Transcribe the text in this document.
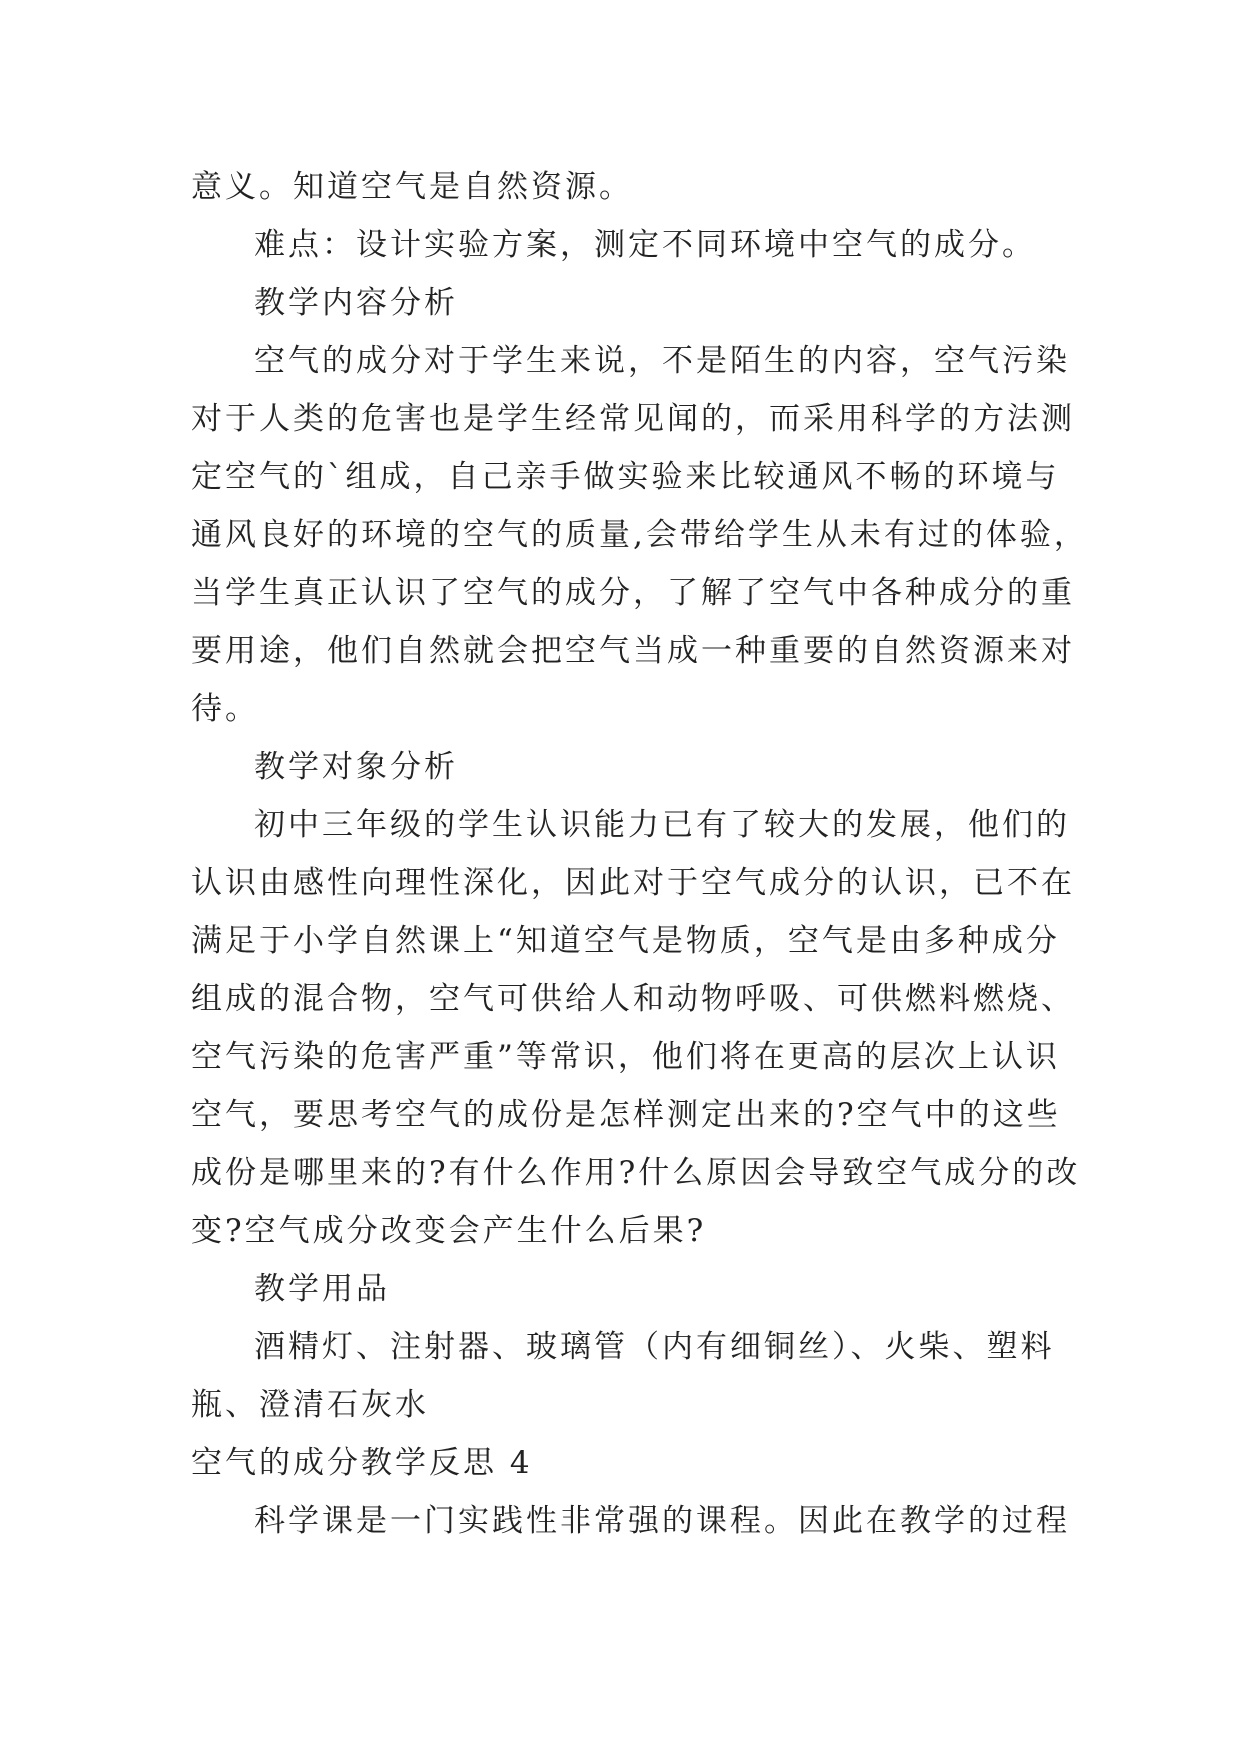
意义。知道空气是自然资源。
难点：设计实验方案，测定不同环境中空气的成分。
教学内容分析
空气的成分对于学生来说，不是陌生的内容，空气污染
对于人类的危害也是学生经常见闻的，而采用科学的方法测
定空气的`组成，自己亲手做实验来比较通风不畅的环境与
通风良好的环境的空气的质量,会带给学生从未有过的体验，
当学生真正认识了空气的成分，了解了空气中各种成分的重
要用途，他们自然就会把空气当成一种重要的自然资源来对
待。
教学对象分析
初中三年级的学生认识能力已有了较大的发展，他们的
认识由感性向理性深化，因此对于空气成分的认识，已不在
满足于小学自然课上“知道空气是物质，空气是由多种成分
组成的混合物，空气可供给人和动物呼吸、可供燃料燃烧、
空气污染的危害严重”等常识，他们将在更高的层次上认识
空气，要思考空气的成份是怎样测定出来的?空气中的这些
成份是哪里来的?有什么作用?什么原因会导致空气成分的改
变?空气成分改变会产生什么后果?
教学用品
酒精灯、注射器、玻璃管（内有细铜丝）、火柴、塑料
瓶、澄清石灰水
空气的成分教学反思 4
科学课是一门实践性非常强的课程。因此在教学的过程
